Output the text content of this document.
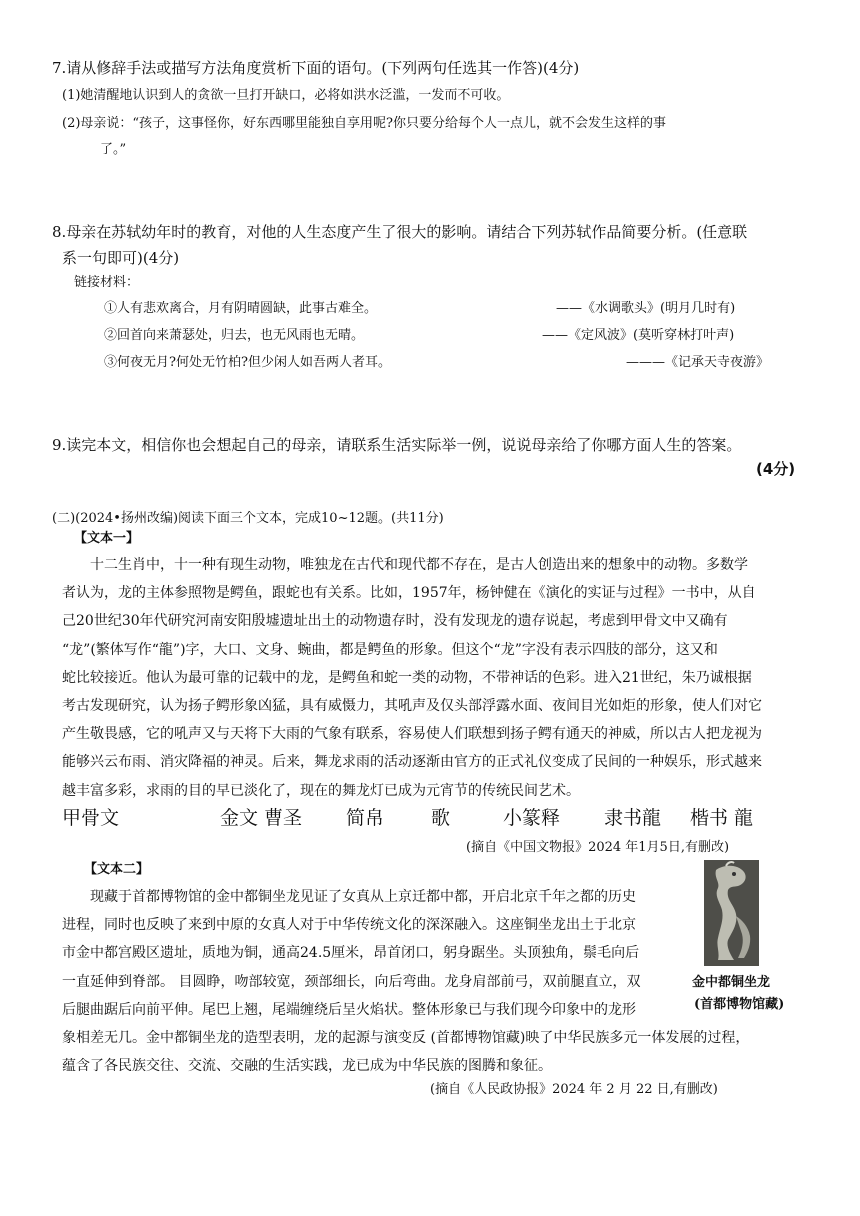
7.请从修辞手法或描写方法角度赏析下面的语句。(下列两句任选其一作答)(4分)
(1)她清醒地认识到人的贪欲一旦打开缺口，必将如洪水泛滥，一发而不可收。
(2)母亲说：“孩子，这事怪你，好东西哪里能独自享用呢?你只要分给每个人一点儿，就不会发生这样的事
了。”
8.母亲在苏轼幼年时的教育，对他的人生态度产生了很大的影响。请结合下列苏轼作品简要分析。(任意联
系一句即可)(4分)
链接材料：
①人有悲欢离合，月有阴晴圆缺，此事古难全。	——《水调歌头》(明月几时有)
②回首向来萧瑟处，归去，也无风雨也无晴。	——《定风波》(莫听穿林打叶声)
③何夜无月?何处无竹柏?但少闲人如吾两人者耳。	———《记承天寺夜游》
9.读完本文，相信你也会想起自己的母亲，请联系生活实际举一例，说说母亲给了你哪方面人生的答案。
(4分)
(二)(2024•扬州改编)阅读下面三个文本，完成10~12题。(共11分)
【文本一】
十二生肖中，十一种有现生动物，唯独龙在古代和现代都不存在，是古人创造出来的想象中的动物。多数学
者认为，龙的主体参照物是鳄鱼，跟蛇也有关系。比如，1957年，杨钟健在《演化的实证与过程》一书中，从自
己20世纪30年代研究河南安阳殷墟遗址出土的动物遗存时，没有发现龙的遗存说起，考虑到甲骨文中又确有
“龙”(繁体写作“龍”)字，大口、文身、蜿曲，都是鳄鱼的形象。但这个“龙”字没有表示四肢的部分，这又和
蛇比较接近。他认为最可靠的记载中的龙，是鳄鱼和蛇一类的动物，不带神话的色彩。进入21世纪，朱乃诚根据
考古发现研究，认为扬子鳄形象凶猛，具有威慑力，其吼声及仅头部浮露水面、夜间目光如炬的形象，使人们对它
产生敬畏感，它的吼声又与天将下大雨的气象有联系，容易使人们联想到扬子鳄有通天的神威，所以古人把龙视为
能够兴云布雨、消灾降福的神灵。后来，舞龙求雨的活动逐渐由官方的正式礼仪变成了民间的一种娱乐，形式越来
越丰富多彩，求雨的目的早已淡化了，现在的舞龙灯已成为元宵节的传统民间艺术。
甲骨文	金文 曹圣 简帛 歌	小篆释 隶书龍 楷书 龍
(摘自《中国文物报》2024 年1月5日,有删改)
【文本二】
现藏于首都博物馆的金中都铜坐龙见证了女真从上京迁都中都，开启北京千年之都的历史
进程，同时也反映了来到中原的女真人对于中华传统文化的深深融入。这座铜坐龙出土于北京
市金中都宫殿区遗址，质地为铜，通高24.5厘米，昂首闭口，躬身踞坐。头顶独角，鬃毛向后
一直延伸到脊部。 目圆睁，吻部较宽，颈部细长，向后弯曲。龙身肩部前弓，双前腿直立，双
后腿曲踞后向前平伸。尾巴上翘，尾端缠绕后呈火焰状。整体形象已与我们现今印象中的龙形
象相差无几。金中都铜坐龙的造型表明，龙的起源与演变反 (首都博物馆藏)映了中华民族多元一体发展的过程，
蕴含了各民族交往、交流、交融的生活实践，龙已成为中华民族的图腾和象征。
金中都铜坐龙
(首都博物馆藏)
(摘自《人民政协报》2024 年 2 月 22 日,有删改)
